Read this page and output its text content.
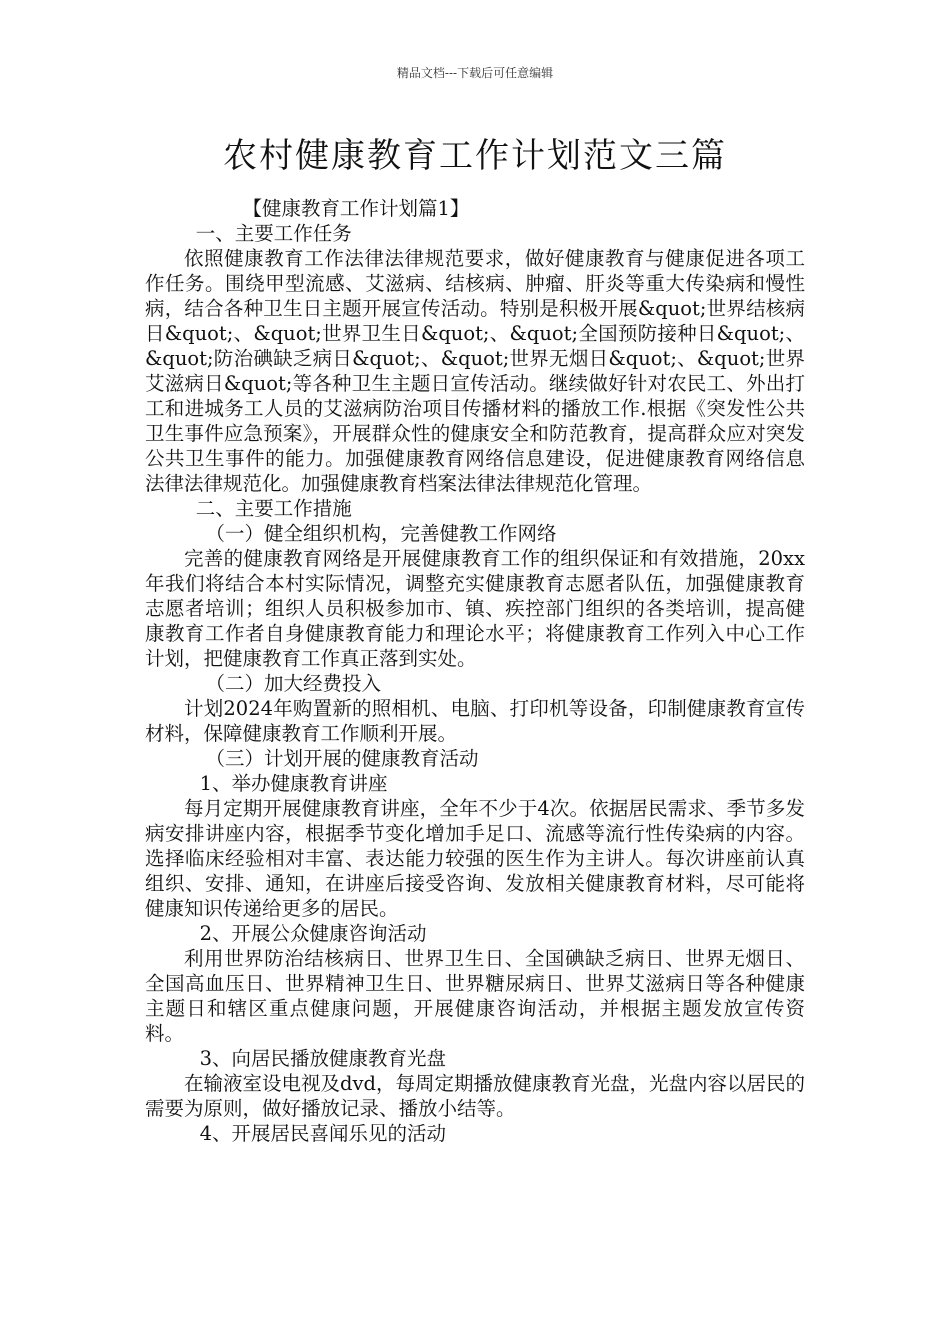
精品文档---下载后可任意编辑
农村健康教育工作计划范文三篇

【健康教育工作计划篇1】

一、主要工作任务

依照健康教育工作法律法律规范要求，做好健康教育与健康促进各项工作任务。围绕甲型流感、艾滋病、结核病、肿瘤、肝炎等重大传染病和慢性病，结合各种卫生日主题开展宣传活动。特别是积极开展&quot;世界结核病日&quot;、&quot;世界卫生日&quot;、&quot;全国预防接种日&quot;、&quot;防治碘缺乏病日&quot;、&quot;世界无烟日&quot;、&quot;世界艾滋病日&quot;等各种卫生主题日宣传活动。继续做好针对农民工、外出打工和进城务工人员的艾滋病防治项目传播材料的播放工作.根据《突发性公共卫生事件应急预案》，开展群众性的健康安全和防范教育，提高群众应对突发公共卫生事件的能力。加强健康教育网络信息建设，促进健康教育网络信息法律法律规范化。加强健康教育档案法律法律规范化管理。

二、主要工作措施

（一）健全组织机构，完善健教工作网络

完善的健康教育网络是开展健康教育工作的组织保证和有效措施，20xx年我们将结合本村实际情况，调整充实健康教育志愿者队伍，加强健康教育志愿者培训；组织人员积极参加市、镇、疾控部门组织的各类培训，提高健康教育工作者自身健康教育能力和理论水平；将健康教育工作列入中心工作计划，把健康教育工作真正落到实处。

（二）加大经费投入

计划2024年购置新的照相机、电脑、打印机等设备，印制健康教育宣传材料，保障健康教育工作顺利开展。

（三）计划开展的健康教育活动

1、举办健康教育讲座

每月定期开展健康教育讲座，全年不少于4次。依据居民需求、季节多发病安排讲座内容，根据季节变化增加手足口、流感等流行性传染病的内容。选择临床经验相对丰富、表达能力较强的医生作为主讲人。每次讲座前认真组织、安排、通知，在讲座后接受咨询、发放相关健康教育材料，尽可能将健康知识传递给更多的居民。

2、开展公众健康咨询活动

利用世界防治结核病日、世界卫生日、全国碘缺乏病日、世界无烟日、全国高血压日、世界精神卫生日、世界糖尿病日、世界艾滋病日等各种健康主题日和辖区重点健康问题，开展健康咨询活动，并根据主题发放宣传资料。

3、向居民播放健康教育光盘

在输液室设电视及dvd，每周定期播放健康教育光盘，光盘内容以居民的需要为原则，做好播放记录、播放小结等。

4、开展居民喜闻乐见的活动
